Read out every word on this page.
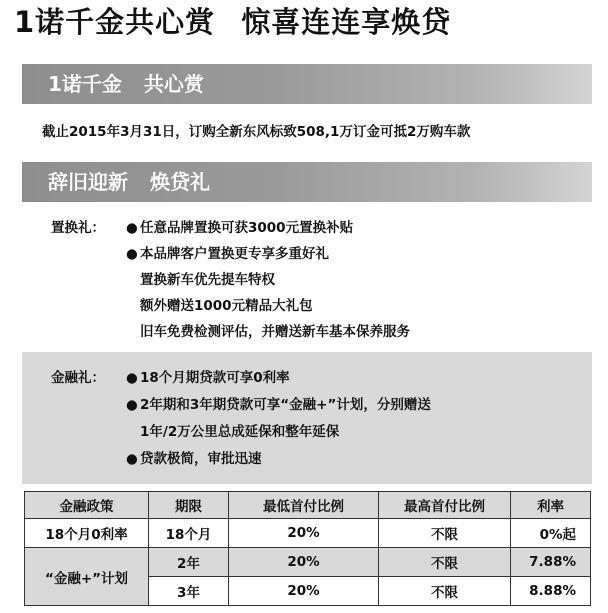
1诺千金共心赏 惊喜连连享焕贷
1诺千金 共心赏
截止2015年3月31日，订购全新东风标致508,1万订金可抵2万购车款
辞旧迎新 焕贷礼
置换礼： ● 任意品牌置换可获3000元置换补贴
● 本品牌客户置换更专享多重好礼
置换新车优先提车特权
额外赠送1000元精品大礼包
旧车免费检测评估，并赠送新车基本保养服务
金融礼： ● 18个月期贷款可享0利率
● 2年期和3年期贷款可享“金融+”计划，分别赠送
1年/2万公里总成延保和整年延保
● 贷款极简，审批迅速
金融政策	期限	最低首付比例	最高首付比例	利率
18个月0利率	18个月	20%	不限	0%起
“金融+”计划	2年	20%	不限	7.88%
	3年	20%	不限	8.88%
